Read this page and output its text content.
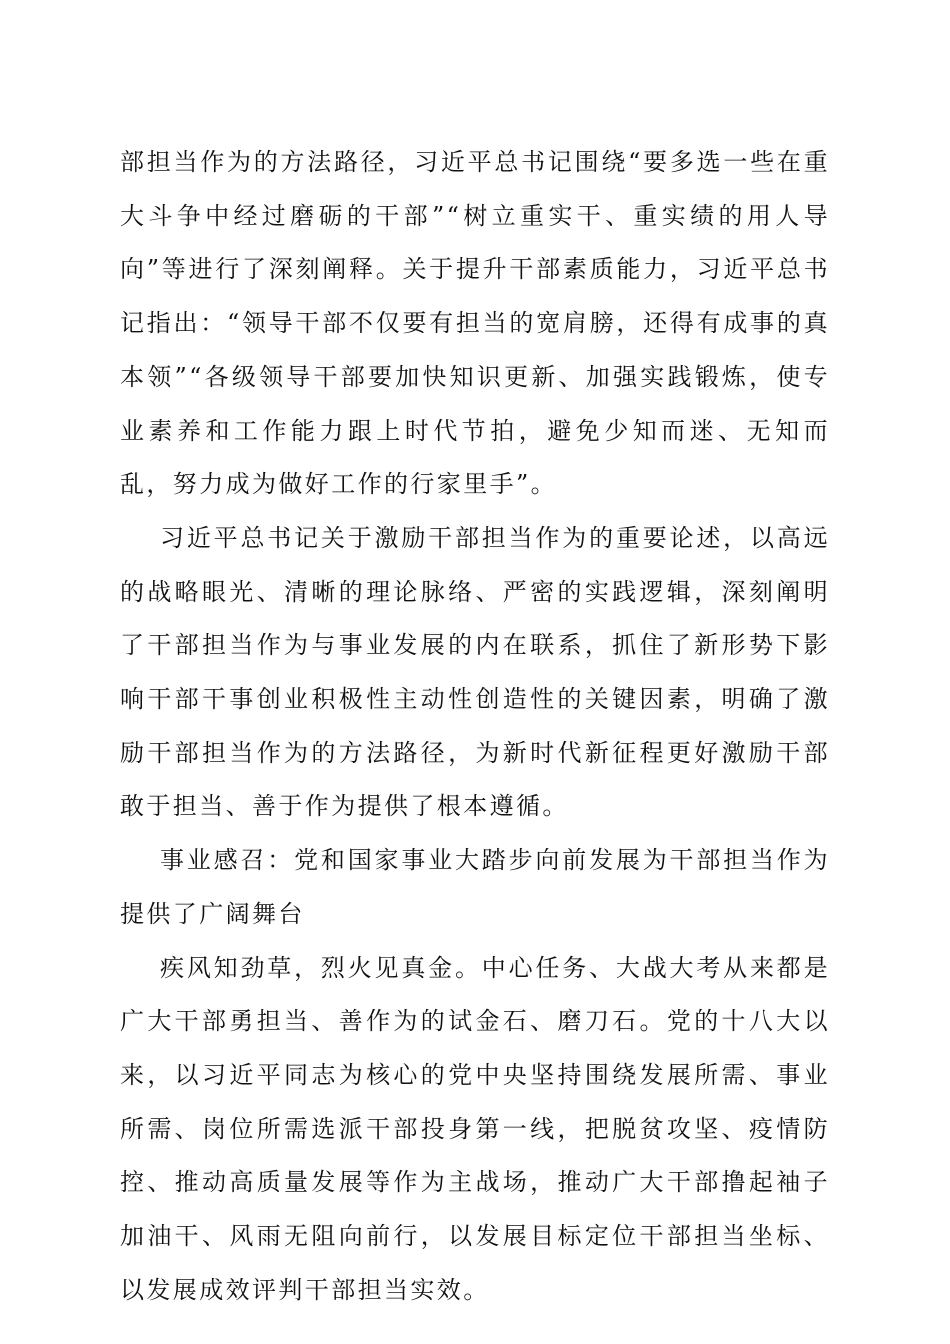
部担当作为的方法路径，习近平总书记围绕“要多选一些在重大斗争中经过磨砺的干部”“树立重实干、重实绩的用人导向”等进行了深刻阐释。关于提升干部素质能力，习近平总书记指出：“领导干部不仅要有担当的宽肩膀，还得有成事的真本领”“各级领导干部要加快知识更新、加强实践锻炼，使专业素养和工作能力跟上时代节拍，避免少知而迷、无知而乱，努力成为做好工作的行家里手”。

习近平总书记关于激励干部担当作为的重要论述，以高远的战略眼光、清晰的理论脉络、严密的实践逻辑，深刻阐明了干部担当作为与事业发展的内在联系，抓住了新形势下影响干部干事创业积极性主动性创造性的关键因素，明确了激励干部担当作为的方法路径，为新时代新征程更好激励干部敢于担当、善于作为提供了根本遵循。

事业感召：党和国家事业大踏步向前发展为干部担当作为提供了广阔舞台

疾风知劲草，烈火见真金。中心任务、大战大考从来都是广大干部勇担当、善作为的试金石、磨刀石。党的十八大以来，以习近平同志为核心的党中央坚持围绕发展所需、事业所需、岗位所需选派干部投身第一线，把脱贫攻坚、疫情防控、推动高质量发展等作为主战场，推动广大干部撸起袖子加油干、风雨无阻向前行，以发展目标定位干部担当坐标、以发展成效评判干部担当实效。
